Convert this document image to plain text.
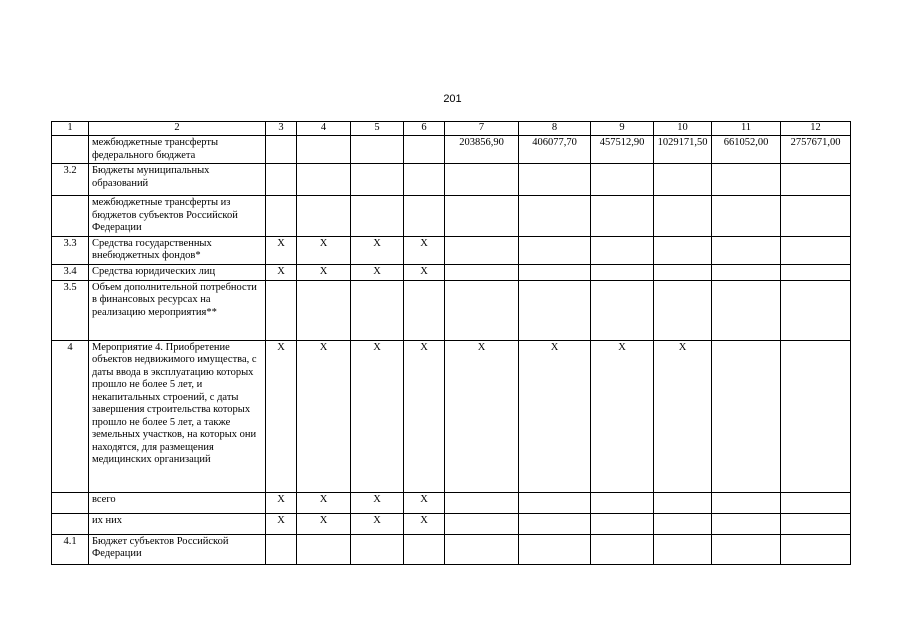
201
1	2	3	4	5	6	7	8	9	10	11	12
	межбюджетные трансферты федерального бюджета					203856,90	406077,70	457512,90	1029171,50	661052,00	2757671,00
3.2	Бюджеты муниципальных образований										
	межбюджетные трансферты из бюджетов субъектов Российской Федерации										
3.3	Средства государственных внебюджетных фондов*	Х	Х	Х	Х						
3.4	Средства юридических лиц	Х	Х	Х	Х						
3.5	Объем дополнительной потребности в финансовых ресурсах на реализацию мероприятия**										
4	Мероприятие 4. Приобретение объектов недвижимого имущества, с даты ввода в эксплуатацию которых прошло не более 5 лет, и некапитальных строений, с даты завершения строительства которых прошло не более 5 лет, а также земельных участков, на которых они находятся, для размещения медицинских организаций	Х	Х	Х	Х	Х	Х	Х	Х		
	всего	Х	Х	Х	Х						
	их них	Х	Х	Х	Х						
4.1	Бюджет субъектов Российской Федерации										
